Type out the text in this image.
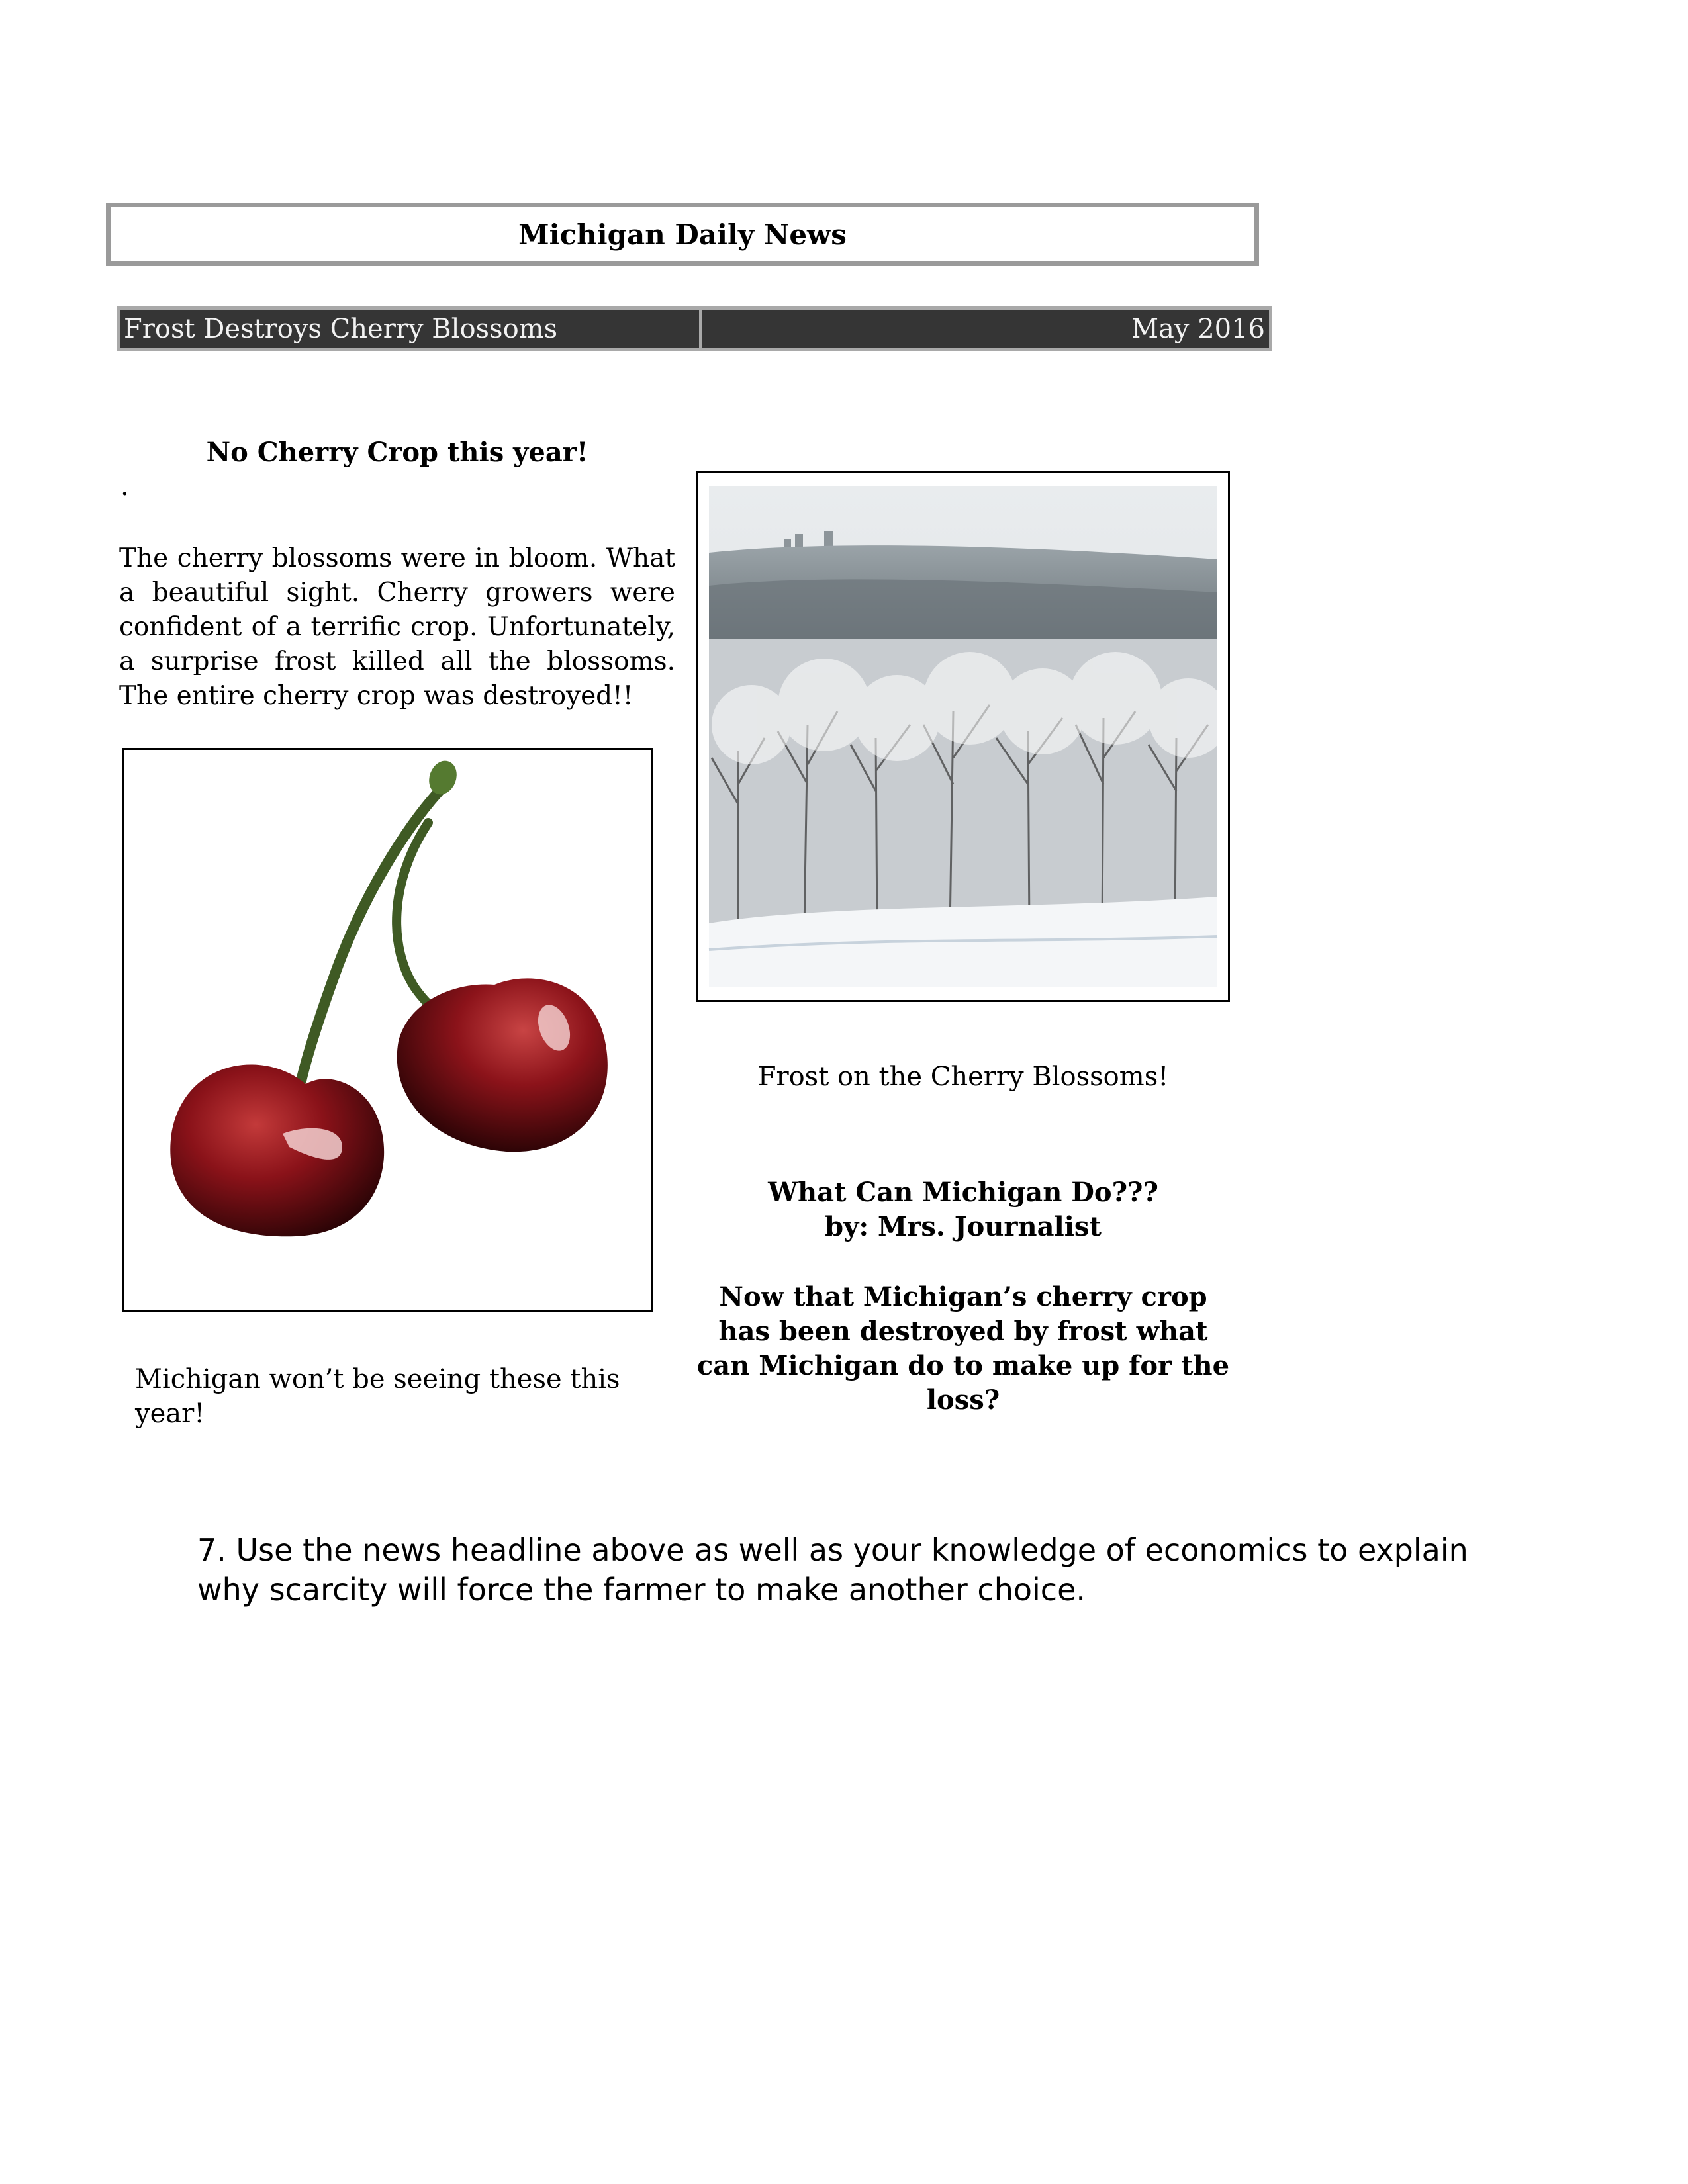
Michigan Daily News
Frost Destroys Cherry Blossoms	May 2016
No Cherry Crop this year!
.
The cherry blossoms were in bloom. What a beautiful sight. Cherry growers were confident of a terrific crop. Unfortunately, a surprise frost killed all the blossoms. The entire cherry crop was destroyed!!
Michigan won’t be seeing these this year!
Frost on the Cherry Blossoms!
What Can Michigan Do???
by: Mrs. Journalist
Now that Michigan’s cherry crop has been destroyed by frost what can Michigan do to make up for the loss?
7. Use the news headline above as well as your knowledge of economics to explain why scarcity will force the farmer to make another choice.
